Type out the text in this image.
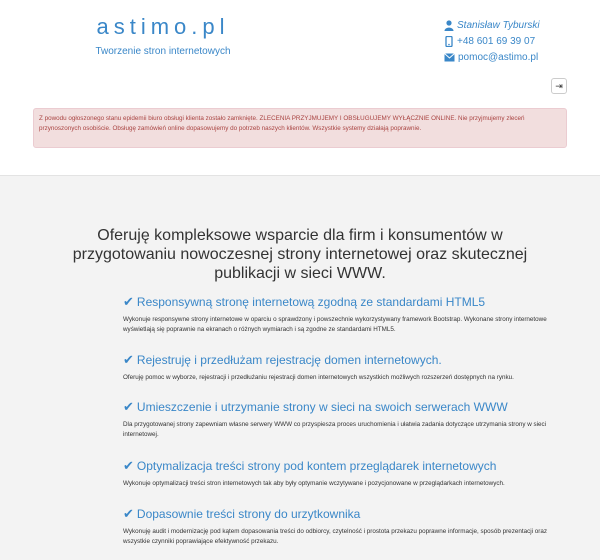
astimo.pl
Tworzenie stron internetowych
Stanisław Tyburski
+48 601 69 39 07
pomoc@astimo.pl
⇥
Z powodu ogłoszonego stanu epidemii biuro obsługi klienta zostało zamknięte. ZLECENIA PRZYJMUJEMY I OBSŁUGUJEMY WYŁĄCZNIE ONLINE. Nie przyjmujemy zleceń przynoszonych osobiście. Obsługę zamówień online dopasowujemy do potrzeb naszych klientów. Wszystkie systemy działają poprawnie.
Oferuję kompleksowe wsparcie dla firm i konsumentów w przygotowaniu nowoczesnej strony internetowej oraz skutecznej publikacji w sieci WWW.
✔ Responsywną stronę internetową zgodną ze standardami HTML5

Wykonuje responsywne strony internetowe w oparciu o sprawdzony i powszechnie wykorzystywany framework Bootstrap. Wykonane strony internetowe wyświetlają się poprawnie na ekranach o różnych wymiarach i są zgodne ze standardami HTML5.

✔ Rejestruję i przedłużam rejestrację domen internetowych.

Oferuję pomoc w wyborze, rejestracji i przedłużaniu rejestracji domen internetowych wszystkich możliwych rozszerzeń dostępnych na rynku.

✔ Umieszczenie i utrzymanie strony w sieci na swoich serwerach WWW

Dla przygotowanej strony zapewniam własne serwery WWW co przyspiesza proces uruchomienia i ułatwia zadania dotyczące utrzymania strony w sieci internetowej.

✔ Optymalizacja treści strony pod kontem przeglądarek internetowych

Wykonuje optymalizacji treści stron internetowych tak aby były optymanie wczytywane i pozycjonowane w przeglądarkach internetowych.

✔ Dopasownie treści strony do urzytkownika

Wykonuję audit i modernizację pod kątem dopasowania treści do odbiorcy, czytelność i prostota przekazu poprawne informacje, sposób prezentacji oraz wszystkie czynniki poprawiające efektywność przekazu.
